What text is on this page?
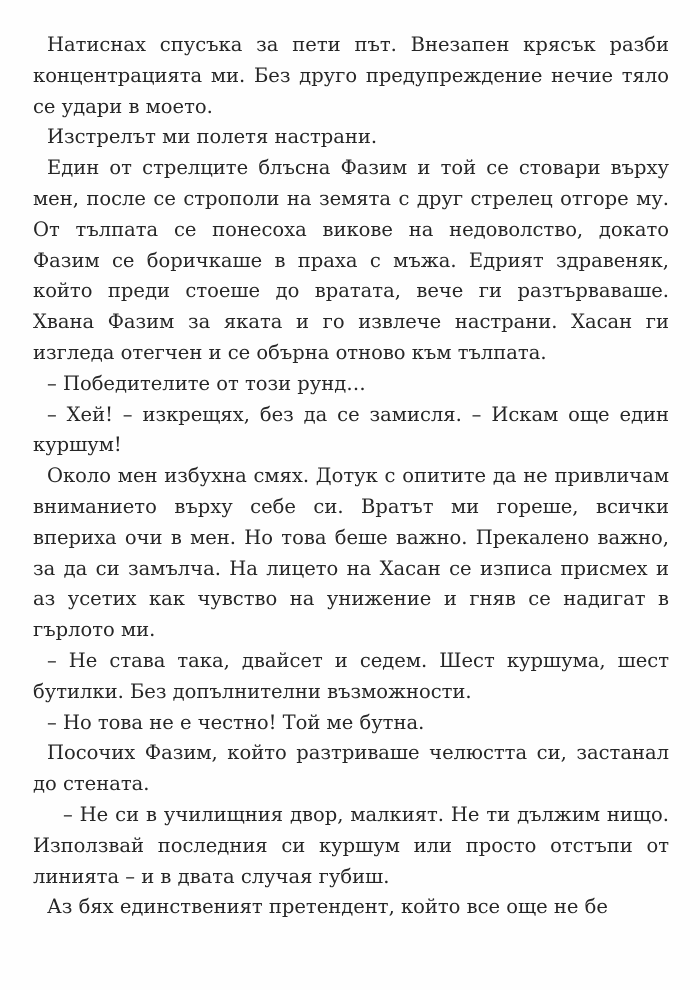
Натиснах спусъка за пети път. Внезапен крясък разби концентрацията ми. Без друго предупреждение нечие тяло се удари в моето.

Изстрелът ми полетя настрани.

Един от стрелците блъсна Фазим и той се стовари върху мен, после се строполи на земята с друг стрелец отгоре му. От тълпата се понесоха викове на недоволство, докато Фазим се боричкаше в праха с мъжа. Едрият здравеняк, който преди стоеше до вратата, вече ги разтърваваше. Хвана Фазим за яката и го извлече настрани. Хасан ги изгледа отегчен и се обърна отново към тълпата.

– Победителите от този рунд…

– Хей! – изкрещях, без да се замисля. – Искам още един куршум!

Около мен избухна смях. Дотук с опитите да не привличам вниманието върху себе си. Вратът ми гореше, всички впериха очи в мен. Но това беше важно. Прекалено важно, за да си замълча. На лицето на Хасан се изписа присмех и аз усетих как чувство на унижение и гняв се надигат в гърлото ми.

– Не става така, двайсет и седем. Шест куршума, шест бутилки. Без допълнителни възможности.

– Но това не е честно! Той ме бутна.

Посочих Фазим, който разтриваше челюстта си, застанал до стената.

– Не си в училищния двор, малкият. Не ти дължим нищо. Използвай последния си куршум или просто отстъпи от линията – и в двата случая губиш.

Аз бях единственият претендент, който все още не бе
